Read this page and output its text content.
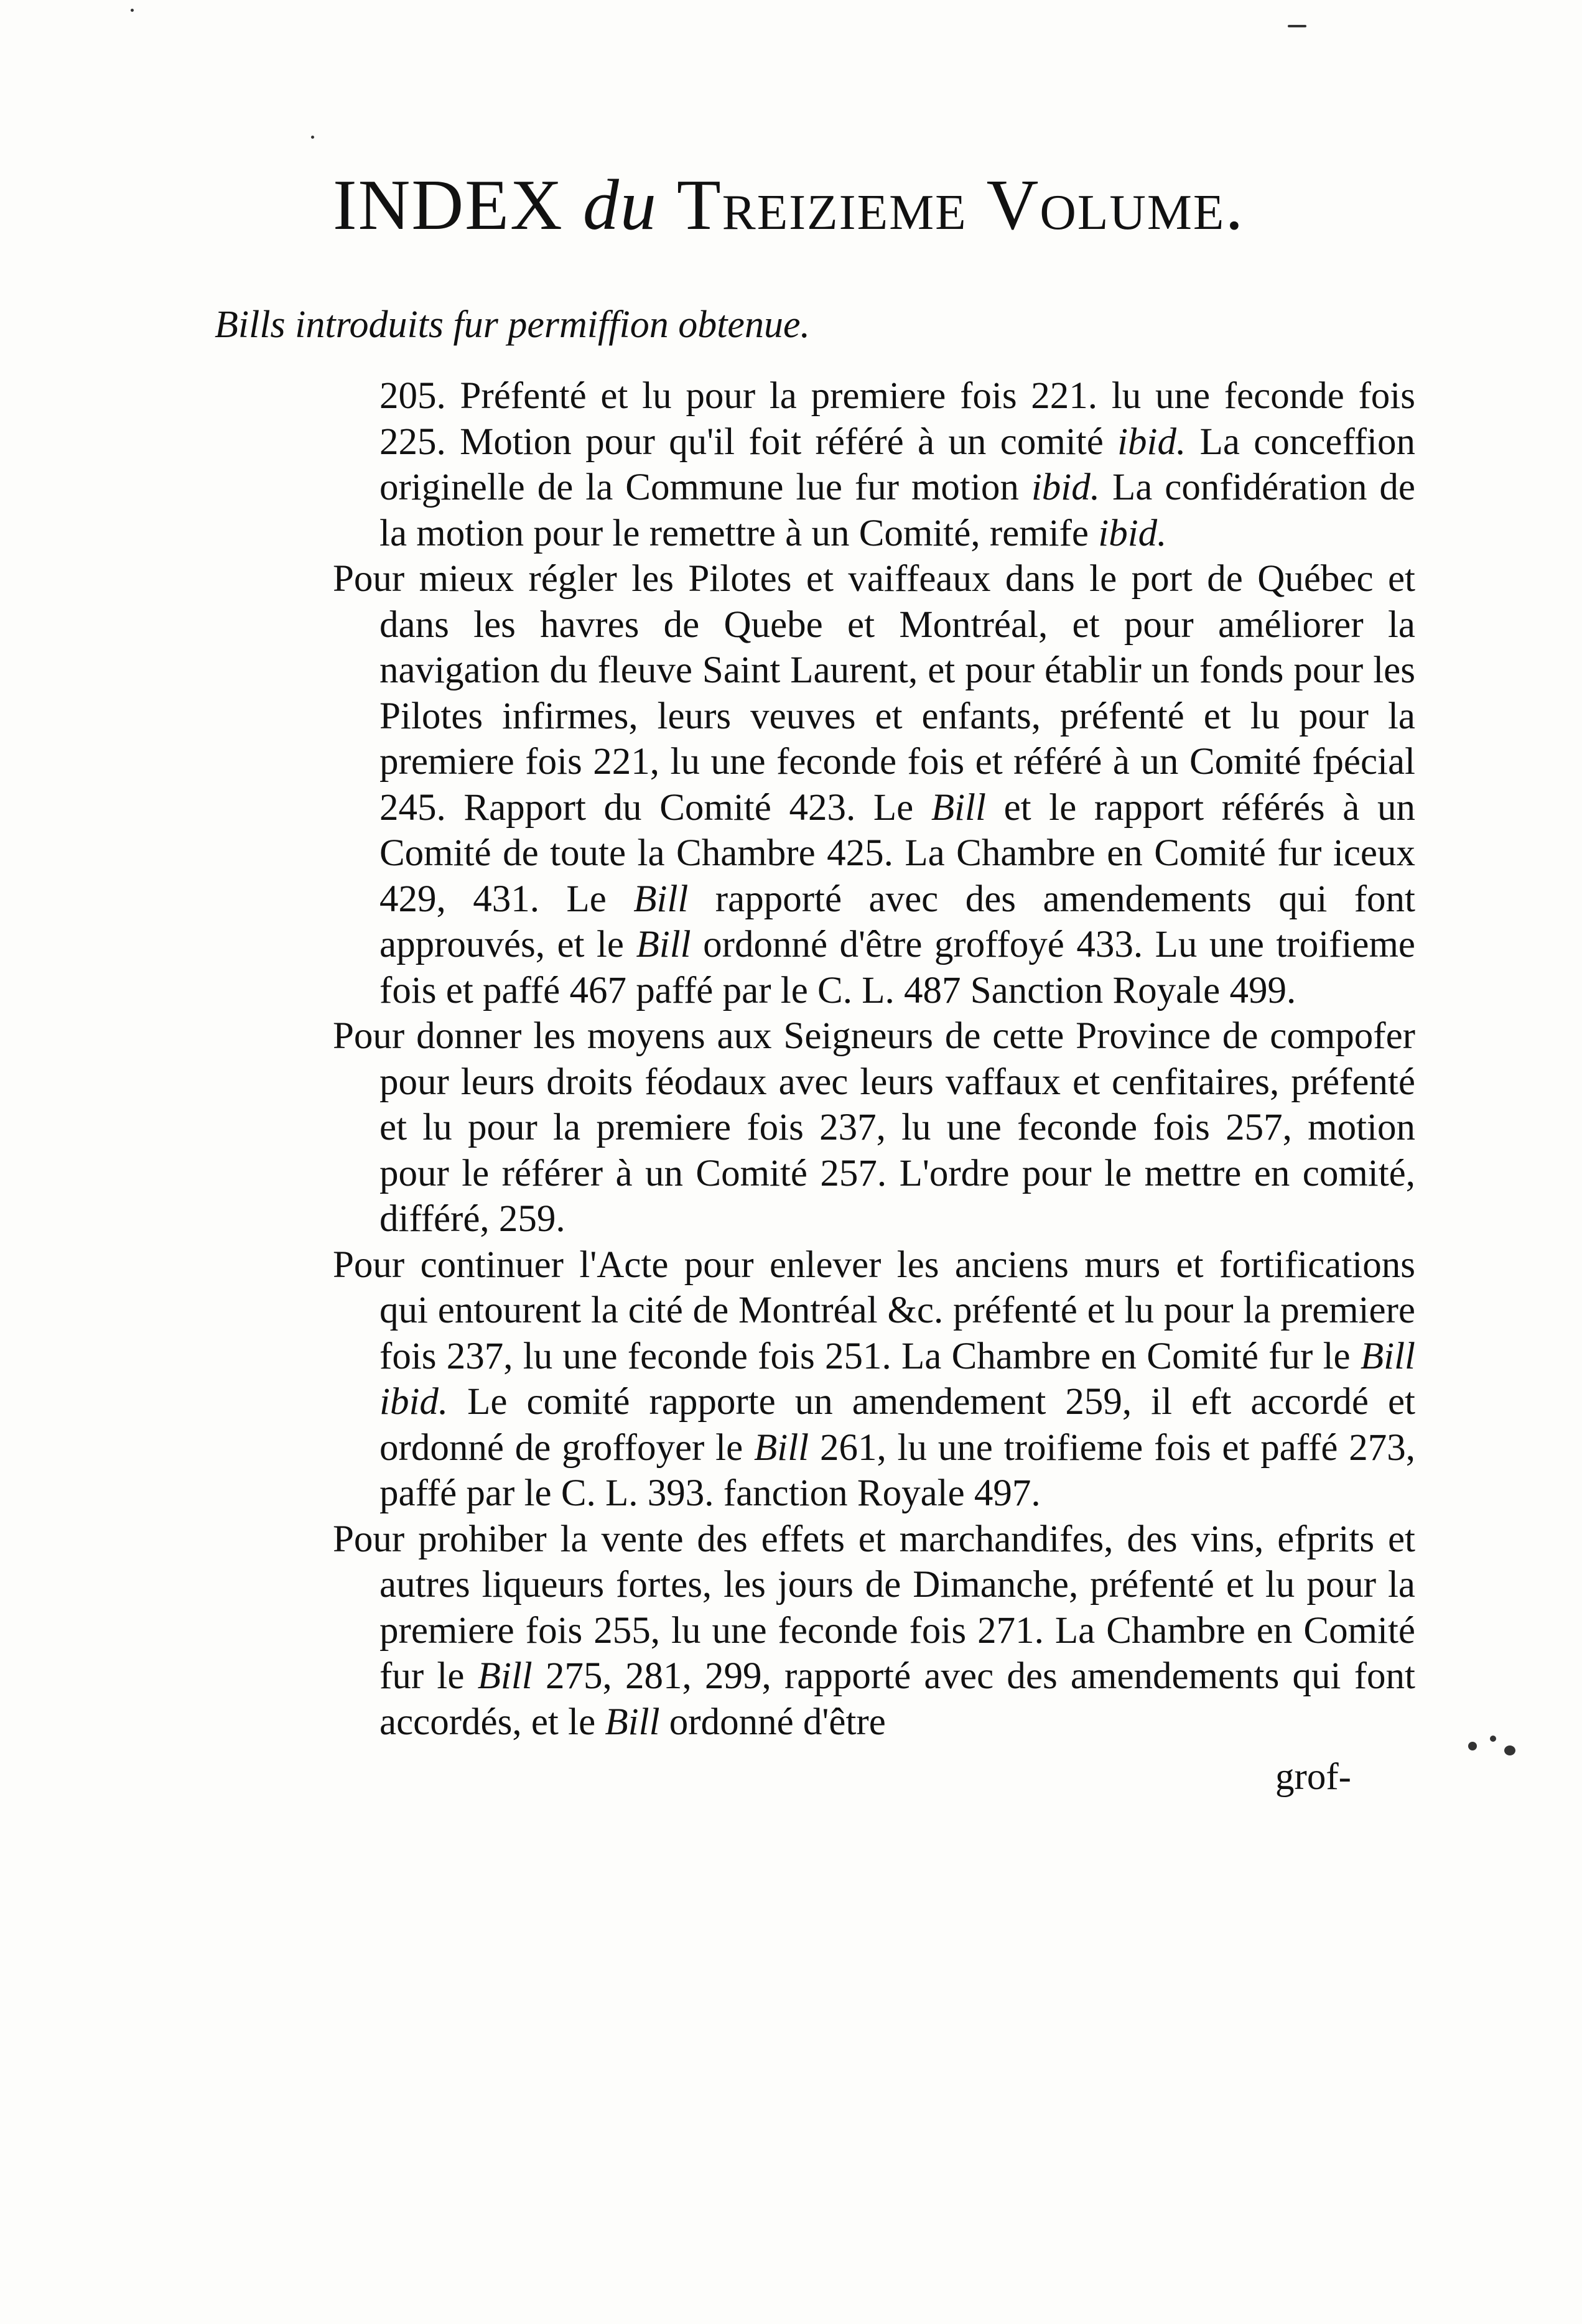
INDEX du Treizieme Volume.
Bills introduits fur permiffion obtenue.

205. Préfenté et lu pour la premiere fois 221. lu une feconde fois 225. Motion pour qu'il foit référé à un comité ibid. La conceffion originelle de la Commune lue fur motion ibid. La confidération de la motion pour le remettre à un Comité, remife ibid.

Pour mieux régler les Pilotes et vaiffeaux dans le port de Québec et dans les havres de Quebe et Montréal, et pour améliorer la navigation du fleuve Saint Laurent, et pour établir un fonds pour les Pilotes infirmes, leurs veuves et enfants, préfenté et lu pour la premiere fois 221, lu une feconde fois et référé à un Comité fpécial 245. Rapport du Comité 423. Le Bill et le rapport référés à un Comité de toute la Chambre 425. La Chambre en Comité fur iceux 429, 431. Le Bill rapporté avec des amendements qui font approuvés, et le Bill ordonné d'être groffoyé 433. Lu une troifieme fois et paffé 467 paffé par le C. L. 487 Sanction Royale 499.

Pour donner les moyens aux Seigneurs de cette Province de compofer pour leurs droits féodaux avec leurs vaffaux et cenfitaires, préfenté et lu pour la premiere fois 237, lu une feconde fois 257, motion pour le référer à un Comité 257. L'ordre pour le mettre en comité, différé, 259.

Pour continuer l'Acte pour enlever les anciens murs et fortifications qui entourent la cité de Montréal &c. préfenté et lu pour la premiere fois 237, lu une feconde fois 251. La Chambre en Comité fur le Bill ibid. Le comité rapporte un amendement 259, il eft accordé et ordonné de groffoyer le Bill 261, lu une troifieme fois et paffé 273, paffé par le C. L. 393. fanction Royale 497.

Pour prohiber la vente des effets et marchandifes, des vins, efprits et autres liqueurs fortes, les jours de Dimanche, préfenté et lu pour la premiere fois 255, lu une feconde fois 271. La Chambre en Comité fur le Bill 275, 281, 299, rapporté avec des amendements qui font accordés, et le Bill ordonné d'être

grof-
